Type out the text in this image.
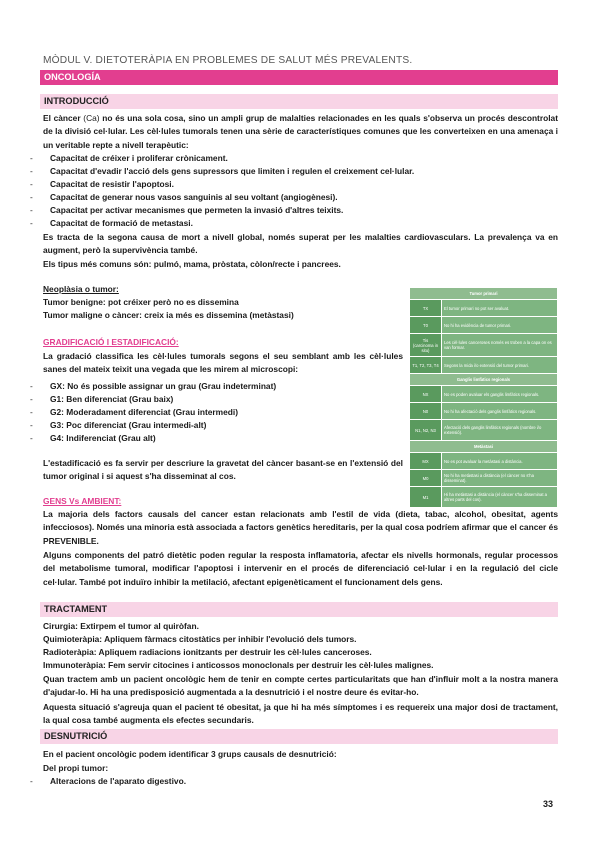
MÒDUL V. DIETOTERÀPIA EN PROBLEMES DE SALUT MÉS PREVALENTS.
ONCOLOGÍA
INTRODUCCIÓ
El càncer (Ca) no és una sola cosa, sino un ampli grup de malalties relacionades en les quals s'observa un procés descontrolat de la divisió cel·lular. Les cèl·lules tumorals tenen una sèrie de característiques comunes que les converteixen en una amenaça i un veritable repte a nivell terapèutic:
- Capacitat de créixer i proliferar crònicament.
- Capacitat d'evadir l'acció dels gens supressors que limiten i regulen el creixement cel·lular.
- Capacitat de resistir l'apoptosi.
- Capacitat de generar nous vasos sanguinis al seu voltant (angiogènesi).
- Capacitat per activar mecanismes que permeten la invasió d'altres teixits.
- Capacitat de formació de metastasi.
Es tracta de la segona causa de mort a nivell global, només superat per les malalties cardiovasculars. La prevalença va en augment, però la supervivència també.
Els tipus més comuns són: pulmó, mama, pròstata, còlon/recte i pancrees.
Neoplàsia o tumor:
Tumor benigne: pot créixer però no es dissemina
Tumor maligne o càncer: creix ia més es dissemina (metàstasi)
GRADIFICACIÓ I ESTADIFICACIÓ:
La gradació classifica les cèl·lules tumorals segons el seu semblant amb les cèl·lules sanes del mateix teixit una vegada que les mirem al microscopi:
- GX: No és possible assignar un grau (Grau indeterminat)
- G1: Ben diferenciat (Grau baix)
- G2: Moderadament diferenciat (Grau intermedi)
- G3: Poc diferenciat (Grau intermedi-alt)
- G4: Indiferenciat (Grau alt)
L'estadificació es fa servir per descriure la gravetat del càncer basant-se en l'extensió del tumor original i si aquest s'ha disseminat al cos.
Tumor primari	
TX	El tumor primari no pot ser avaluat.
T0	No hi ha evidència de tumor primari.
Tis (carcinoma in situ)	Les cèl·lules canceroses només es troben a la capa on es van formar.
T1, T2, T3, T4	Segons la mida i/o extensió del tumor primari.
Ganglis limfàtics regionals	
NX	No es poden avaluar els ganglis limfàtics regionals.
N0	No hi ha afectació dels ganglis limfàtics regionals.
N1, N2, N3	Afectació dels ganglis limfàtics regionals (nombre i/o extensió).
Metàstasi	
MX	No es pot avaluar la metàstasi a distància.
M0	No hi ha metàstasi a distància (el càncer no s'ha disseminat).
M1	Hi ha metàstasi a distància (el càncer s'ha disseminat a altres parts del cos).
GENS Vs AMBIENT:
La majoria dels factors causals del cancer estan relacionats amb l'estil de vida (dieta, tabac, alcohol, obesitat, agents infecciosos). Només una minoria està associada a factors genètics hereditaris, per la qual cosa podríem afirmar que el cancer és PREVENIBLE.
Alguns components del patró dietètic poden regular la resposta inflamatoria, afectar els nivells hormonals, regular processos del metabolisme tumoral, modificar l'apoptosi i intervenir en el procés de diferenciació cel·lular i en la regulació del cicle cel·lular. També pot induïro inhibir la metilació, afectant epigenèticament el funcionament dels gens.
TRACTAMENT
Cirurgia: Extirpem el tumor al quiròfan.
Quimioteràpia: Apliquem fàrmacs citostàtics per inhibir l'evolució dels tumors.
Radioteràpia: Apliquem radiacions ionitzants per destruir les cèl·lules canceroses.
Immunoteràpia: Fem servir citocines i anticossos monoclonals per destruir les cèl·lules malignes.
Quan tractem amb un pacient oncològic hem de tenir en compte certes particularitats que han d'influir molt a la nostra manera d'ajudar-lo. Hi ha una predisposició augmentada a la desnutrició i el nostre deure és evitar-ho.
Aquesta situació s'agreuja quan el pacient té obesitat, ja que hi ha més símptomes i es requereix una major dosi de tractament, la qual cosa també augmenta els efectes secundaris.
DESNUTRICIÓ
En el pacient oncològic podem identificar 3 grups causals de desnutrició:
Del propi tumor:
- Alteracions de l'aparato digestivo.
33
